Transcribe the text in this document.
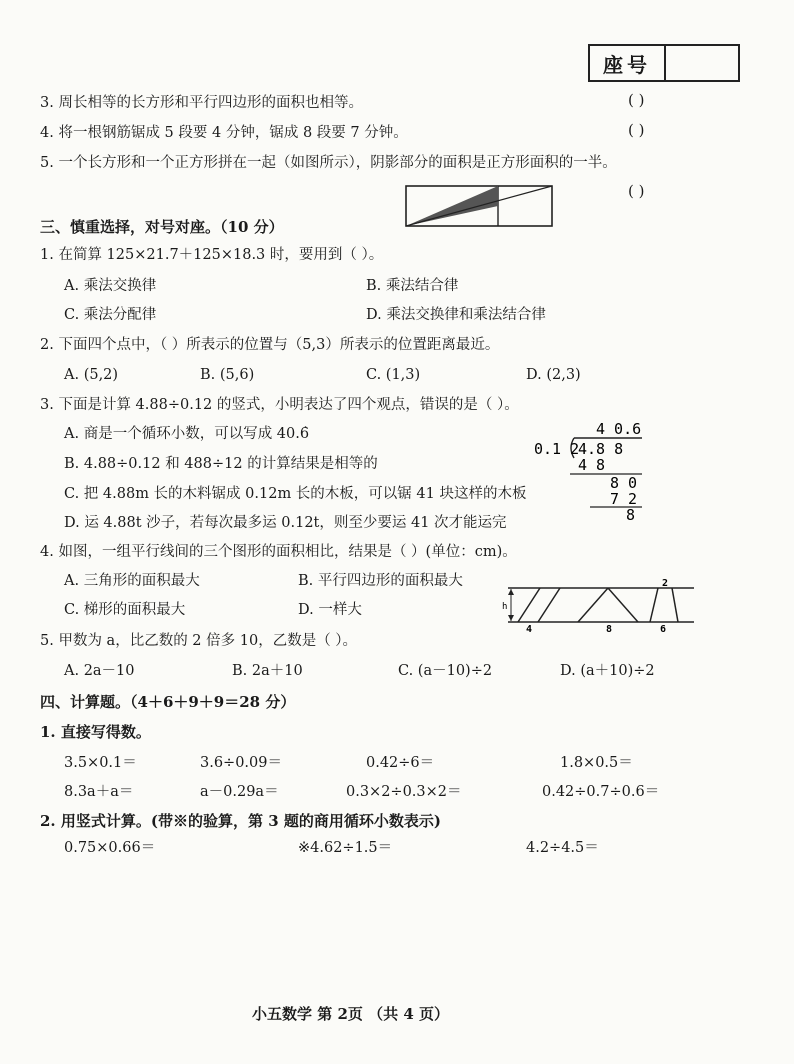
座号
3. 周长相等的长方形和平行四边形的面积也相等。	( )
4. 将一根钢筋锯成 5 段要 4 分钟，锯成 8 段要 7 分钟。	( )
5. 一个长方形和一个正方形拼在一起（如图所示），阴影部分的面积是正方形面积的一半。
( )
三、慎重选择，对号对座。（10 分）
1. 在简算 125×21.7＋125×18.3 时，要用到（ ）。
A. 乘法交换律	B. 乘法结合律
C. 乘法分配律	D. 乘法交换律和乘法结合律
2. 下面四个点中，（ ）所表示的位置与（5,3）所表示的位置距离最近。
A. (5,2)	B. (5,6)	C. (1,3)	D. (2,3)
3. 下面是计算 4.88÷0.12 的竖式，小明表达了四个观点，错误的是（ ）。
A. 商是一个循环小数，可以写成 40.6̇
B. 4.88÷0.12 和 488÷12 的计算结果是相等的
C. 把 4.88m 长的木料锯成 0.12m 长的木板，可以锯 41 块这样的木板
D. 运 4.88t 沙子，若每次最多运 0.12t，则至少要运 41 次才能运完
4 0.6
0.1 2
4.8 8
4 8
8 0
7 2
8
4. 如图，一组平行线间的三个图形的面积相比，结果是（ ）(单位：cm)。
A. 三角形的面积最大	B. 平行四边形的面积最大
C. 梯形的面积最大	D. 一样大	h
4	8
2
6
5. 甲数为 a，比乙数的 2 倍多 10，乙数是（ ）。
A. 2a－10	B. 2a＋10	C. (a－10)÷2	D. (a＋10)÷2
四、计算题。（4＋6＋9＋9＝28 分）
1. 直接写得数。
3.5×0.1＝	3.6÷0.09＝	0.42÷6＝	1.8×0.5＝
8.3a＋a＝	a－0.29a＝	0.3×2÷0.3×2＝	0.42÷0.7÷0.6＝
2. 用竖式计算。(带※的验算，第 3 题的商用循环小数表示)
0.75×0.66＝	※4.62÷1.5＝	4.2÷4.5＝
小五数学 第 2页 （共 4 页）
